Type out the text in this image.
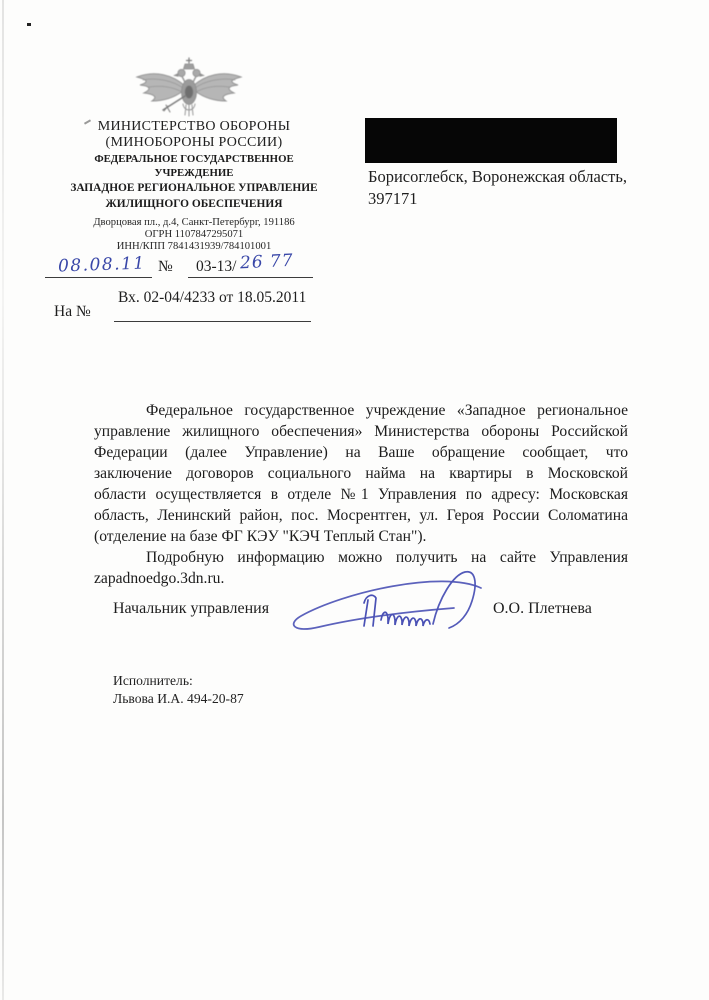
МИНИСТЕРСТВО ОБОРОНЫ
(МИНОБОРОНЫ РОССИИ)
ФЕДЕРАЛЬНОЕ ГОСУДАРСТВЕННОЕ
УЧРЕЖДЕНИЕ
ЗАПАДНОЕ РЕГИОНАЛЬНОЕ УПРАВЛЕНИЕ
ЖИЛИЩНОГО ОБЕСПЕЧЕНИЯ
Дворцовая пл., д.4, Санкт-Петербург, 191186
ОГРН 1107847295071
ИНН/КПП 7841431939/784101001
08.08.11 № 03-13/ 26 77
Вх. 02-04/4233 от 18.05.2011
На №
Борисоглебск, Воронежская область,
397171
Федеральное государственное учреждение «Западное региональное
управление жилищного обеспечения» Министерства обороны Российской
Федерации (далее Управление) на Ваше обращение сообщает, что
заключение договоров социального найма на квартиры в Московской
области осуществляется в отделе №1 Управления по адресу: Московская
область, Ленинский район, пос. Мосрентген, ул. Героя России Соломатина
(отделение на базе ФГ КЭУ "КЭЧ Теплый Стан").
Подробную информацию можно получить на сайте Управления
zapadnoedgo.3dn.ru.
Начальник управления	О.О. Плетнева
Исполнитель:
Львова И.А. 494-20-87
